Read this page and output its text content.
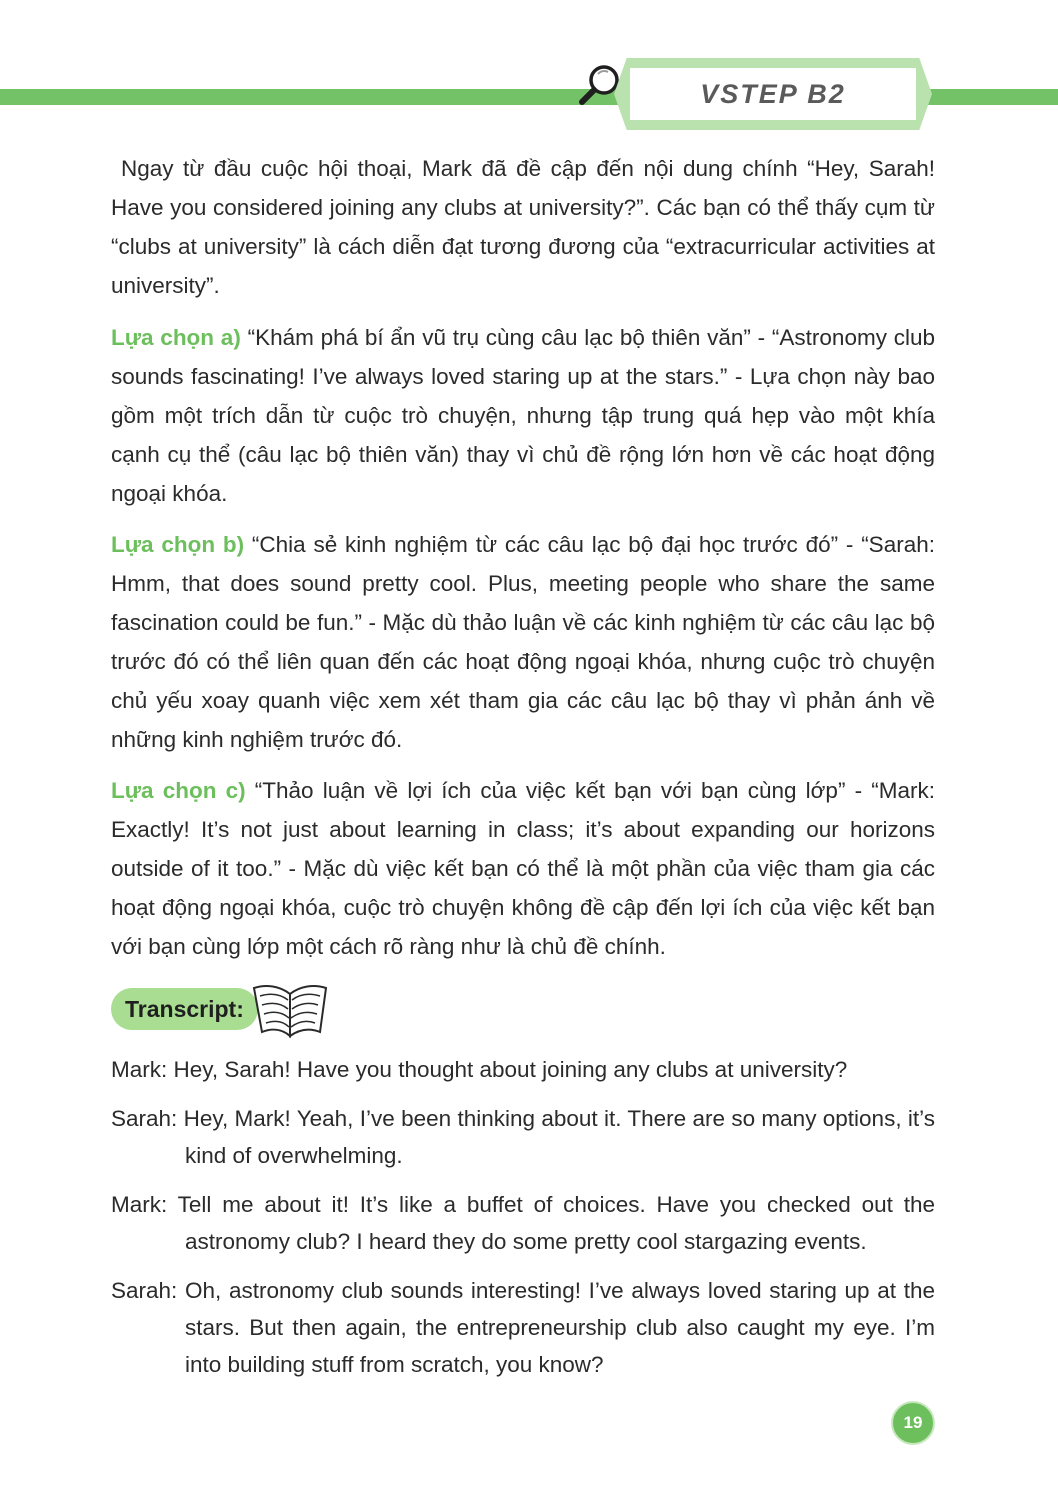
VSTEP B2

Ngay từ đầu cuộc hội thoại, Mark đã đề cập đến nội dung chính “Hey, Sarah! Have you considered joining any clubs at university?”. Các bạn có thể thấy cụm từ “clubs at university” là cách diễn đạt tương đương của “extracurricular activities at university”.

Lựa chọn a) “Khám phá bí ẩn vũ trụ cùng câu lạc bộ thiên văn” - “Astronomy club sounds fascinating! I’ve always loved staring up at the stars.” - Lựa chọn này bao gồm một trích dẫn từ cuộc trò chuyện, nhưng tập trung quá hẹp vào một khía cạnh cụ thể (câu lạc bộ thiên văn) thay vì chủ đề rộng lớn hơn về các hoạt động ngoại khóa.

Lựa chọn b) “Chia sẻ kinh nghiệm từ các câu lạc bộ đại học trước đó” - “Sarah: Hmm, that does sound pretty cool. Plus, meeting people who share the same fascination could be fun.” - Mặc dù thảo luận về các kinh nghiệm từ các câu lạc bộ trước đó có thể liên quan đến các hoạt động ngoại khóa, nhưng cuộc trò chuyện chủ yếu xoay quanh việc xem xét tham gia các câu lạc bộ thay vì phản ánh về những kinh nghiệm trước đó.

Lựa chọn c) “Thảo luận về lợi ích của việc kết bạn với bạn cùng lớp” - “Mark: Exactly! It’s not just about learning in class; it’s about expanding our horizons outside of it too.” - Mặc dù việc kết bạn có thể là một phần của việc tham gia các hoạt động ngoại khóa, cuộc trò chuyện không đề cập đến lợi ích của việc kết bạn với bạn cùng lớp một cách rõ ràng như là chủ đề chính.

Transcript:

Mark: Hey, Sarah! Have you thought about joining any clubs at university?

Sarah: Hey, Mark! Yeah, I’ve been thinking about it. There are so many options, it’s kind of overwhelming.

Mark: Tell me about it! It’s like a buffet of choices. Have you checked out the astronomy club? I heard they do some pretty cool stargazing events.

Sarah: Oh, astronomy club sounds interesting! I’ve always loved staring up at the stars. But then again, the entrepreneurship club also caught my eye. I’m into building stuff from scratch, you know?

19
